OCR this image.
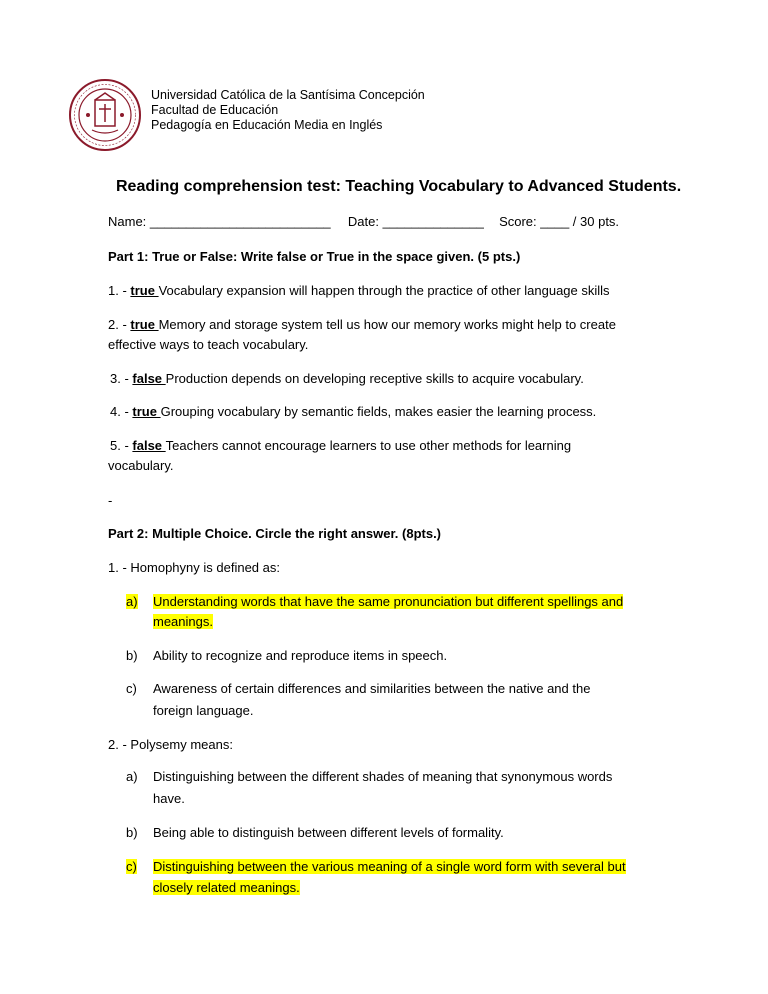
Universidad Católica de la Santísima Concepción
Facultad de Educación
Pedagogía en Educación Media en Inglés
Reading comprehension test: Teaching Vocabulary to Advanced Students.
Name: _________________________ Date: ______________ Score: ____ / 30 pts.
Part 1: True or False: Write false or True in the space given. (5 pts.)
1. - true Vocabulary expansion will happen through the practice of other language skills
2. - true Memory and storage system tell us how our memory works might help to create
effective ways to teach vocabulary.
3. - false Production depends on developing receptive skills to acquire vocabulary.
4. - true Grouping vocabulary by semantic fields, makes easier the learning process.
5. - false Teachers cannot encourage learners to use other methods for learning
vocabulary.
-
Part 2: Multiple Choice. Circle the right answer. (8pts.)
1. - Homophyny is defined as:
a) Understanding words that have the same pronunciation but different spellings and
meanings.
b) Ability to recognize and reproduce items in speech.
c) Awareness of certain differences and similarities between the native and the
foreign language.
2. - Polysemy means:
a) Distinguishing between the different shades of meaning that synonymous words
have.
b) Being able to distinguish between different levels of formality.
c) Distinguishing between the various meaning of a single word form with several but
closely related meanings.
